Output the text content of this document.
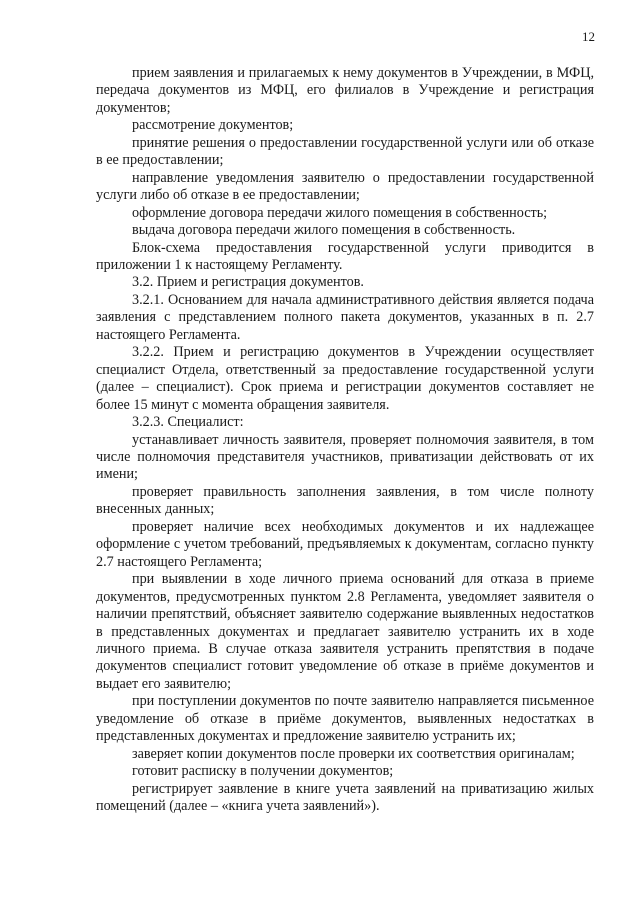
12

прием заявления и прилагаемых к нему документов в Учреждении, в МФЦ, передача документов из МФЦ, его филиалов в Учреждение и регистрация документов;

рассмотрение документов;

принятие решения о предоставлении государственной услуги или об отказе в ее предоставлении;

направление уведомления заявителю о предоставлении государственной услуги либо об отказе в ее предоставлении;

оформление договора передачи жилого помещения в собственность;

выдача договора передачи жилого помещения в собственность.

Блок-схема предоставления государственной услуги приводится в приложении 1 к настоящему Регламенту.

3.2. Прием и регистрация документов.

3.2.1. Основанием для начала административного действия является подача заявления с представлением полного пакета документов, указанных в п. 2.7 настоящего Регламента.

3.2.2. Прием и регистрацию документов в Учреждении осуществляет специалист Отдела, ответственный за предоставление государственной услуги (далее – специалист). Срок приема и регистрации документов составляет не более 15 минут с момента обращения заявителя.

3.2.3. Специалист:

устанавливает личность заявителя, проверяет полномочия заявителя, в том числе полномочия представителя участников, приватизации действовать от их имени;

проверяет правильность заполнения заявления, в том числе полноту внесенных данных;

проверяет наличие всех необходимых документов и их надлежащее оформление с учетом требований, предъявляемых к документам, согласно пункту 2.7 настоящего Регламента;

при выявлении в ходе личного приема оснований для отказа в приеме документов, предусмотренных пунктом 2.8 Регламента, уведомляет заявителя о наличии препятствий, объясняет заявителю содержание выявленных недостатков в представленных документах и предлагает заявителю устранить их в ходе личного приема. В случае отказа заявителя устранить препятствия в подаче документов специалист готовит уведомление об отказе в приёме документов и выдает его заявителю;

при поступлении документов по почте заявителю направляется письменное уведомление об отказе в приёме документов, выявленных недостатках в представленных документах и предложение заявителю устранить их;

заверяет копии документов после проверки их соответствия оригиналам;

готовит расписку в получении документов;

регистрирует заявление в книге учета заявлений на приватизацию жилых помещений (далее – «книга учета заявлений»).
